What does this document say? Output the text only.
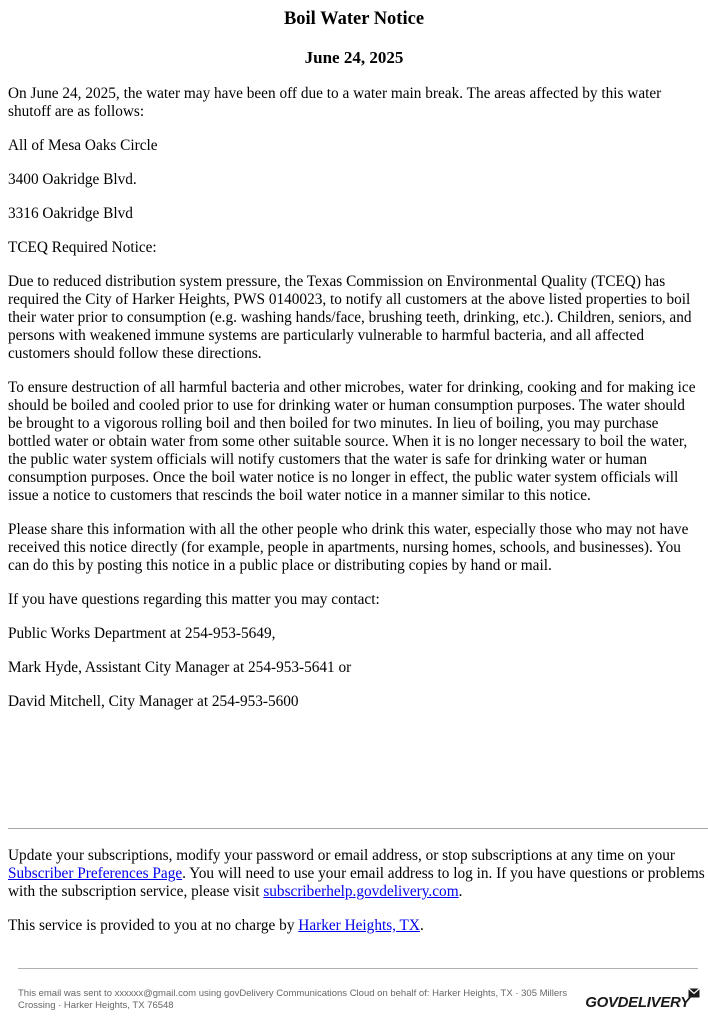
Boil Water Notice
June 24, 2025

On June 24, 2025, the water may have been off due to a water main break. The areas affected by this water shutoff are as follows:

All of Mesa Oaks Circle

3400 Oakridge Blvd.

3316 Oakridge Blvd

TCEQ Required Notice:

Due to reduced distribution system pressure, the Texas Commission on Environmental Quality (TCEQ) has required the City of Harker Heights, PWS 0140023, to notify all customers at the above listed properties to boil their water prior to consumption (e.g. washing hands/face, brushing teeth, drinking, etc.). Children, seniors, and persons with weakened immune systems are particularly vulnerable to harmful bacteria, and all affected customers should follow these directions.

To ensure destruction of all harmful bacteria and other microbes, water for drinking, cooking and for making ice should be boiled and cooled prior to use for drinking water or human consumption purposes. The water should be brought to a vigorous rolling boil and then boiled for two minutes. In lieu of boiling, you may purchase bottled water or obtain water from some other suitable source. When it is no longer necessary to boil the water, the public water system officials will notify customers that the water is safe for drinking water or human consumption purposes. Once the boil water notice is no longer in effect, the public water system officials will issue a notice to customers that rescinds the boil water notice in a manner similar to this notice.

Please share this information with all the other people who drink this water, especially those who may not have received this notice directly (for example, people in apartments, nursing homes, schools, and businesses). You can do this by posting this notice in a public place or distributing copies by hand or mail.

If you have questions regarding this matter you may contact:

Public Works Department at 254-953-5649,

Mark Hyde, Assistant City Manager at 254-953-5641 or

David Mitchell, City Manager at 254-953-5600

Update your subscriptions, modify your password or email address, or stop subscriptions at any time on your Subscriber Preferences Page. You will need to use your email address to log in. If you have questions or problems with the subscription service, please visit subscriberhelp.govdelivery.com.

This service is provided to you at no charge by Harker Heights, TX.

This email was sent to xxxxxx@gmail.com using govDelivery Communications Cloud on behalf of: Harker Heights, TX · 305 Millers Crossing · Harker Heights, TX 76548	GOVDELIVERY
